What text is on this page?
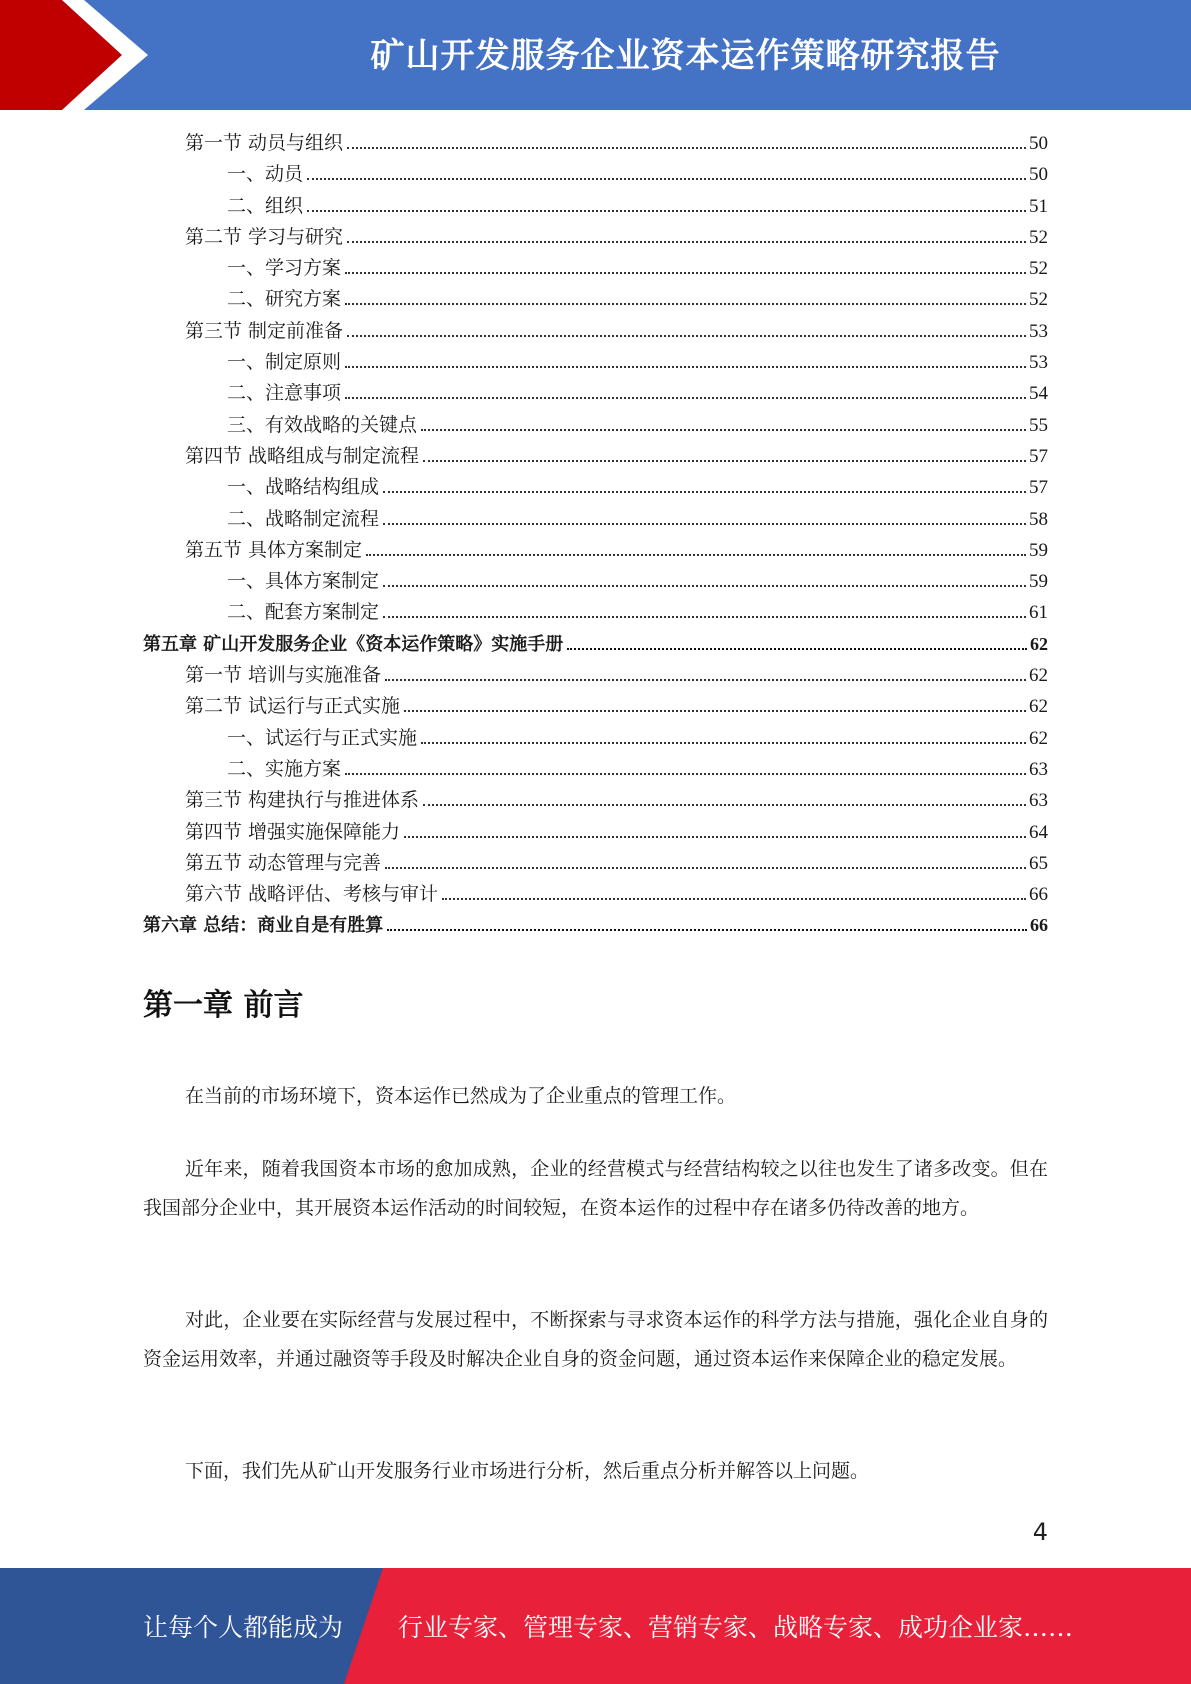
矿山开发服务企业资本运作策略研究报告
第一节 动员与组织	50
一、动员	50
二、组织	51
第二节 学习与研究	52
一、学习方案	52
二、研究方案	52
第三节 制定前准备	53
一、制定原则	53
二、注意事项	54
三、有效战略的关键点	55
第四节 战略组成与制定流程	57
一、战略结构组成	57
二、战略制定流程	58
第五节 具体方案制定	59
一、具体方案制定	59
二、配套方案制定	61
第五章 矿山开发服务企业《资本运作策略》实施手册	62
第一节 培训与实施准备	62
第二节 试运行与正式实施	62
一、试运行与正式实施	62
二、实施方案	63
第三节 构建执行与推进体系	63
第四节 增强实施保障能力	64
第五节 动态管理与完善	65
第六节 战略评估、考核与审计	66
第六章 总结：商业自是有胜算	66
第一章 前言

在当前的市场环境下，资本运作已然成为了企业重点的管理工作。

近年来，随着我国资本市场的愈加成熟，企业的经营模式与经营结构较之以往也发生了诸多改变。但在我国部分企业中，其开展资本运作活动的时间较短，在资本运作的过程中存在诸多仍待改善的地方。

对此，企业要在实际经营与发展过程中，不断探索与寻求资本运作的科学方法与措施，强化企业自身的资金运用效率，并通过融资等手段及时解决企业自身的资金问题，通过资本运作来保障企业的稳定发展。

下面，我们先从矿山开发服务行业市场进行分析，然后重点分析并解答以上问题。

4
让每个人都能成为 行业专家、管理专家、营销专家、战略专家、成功企业家……
